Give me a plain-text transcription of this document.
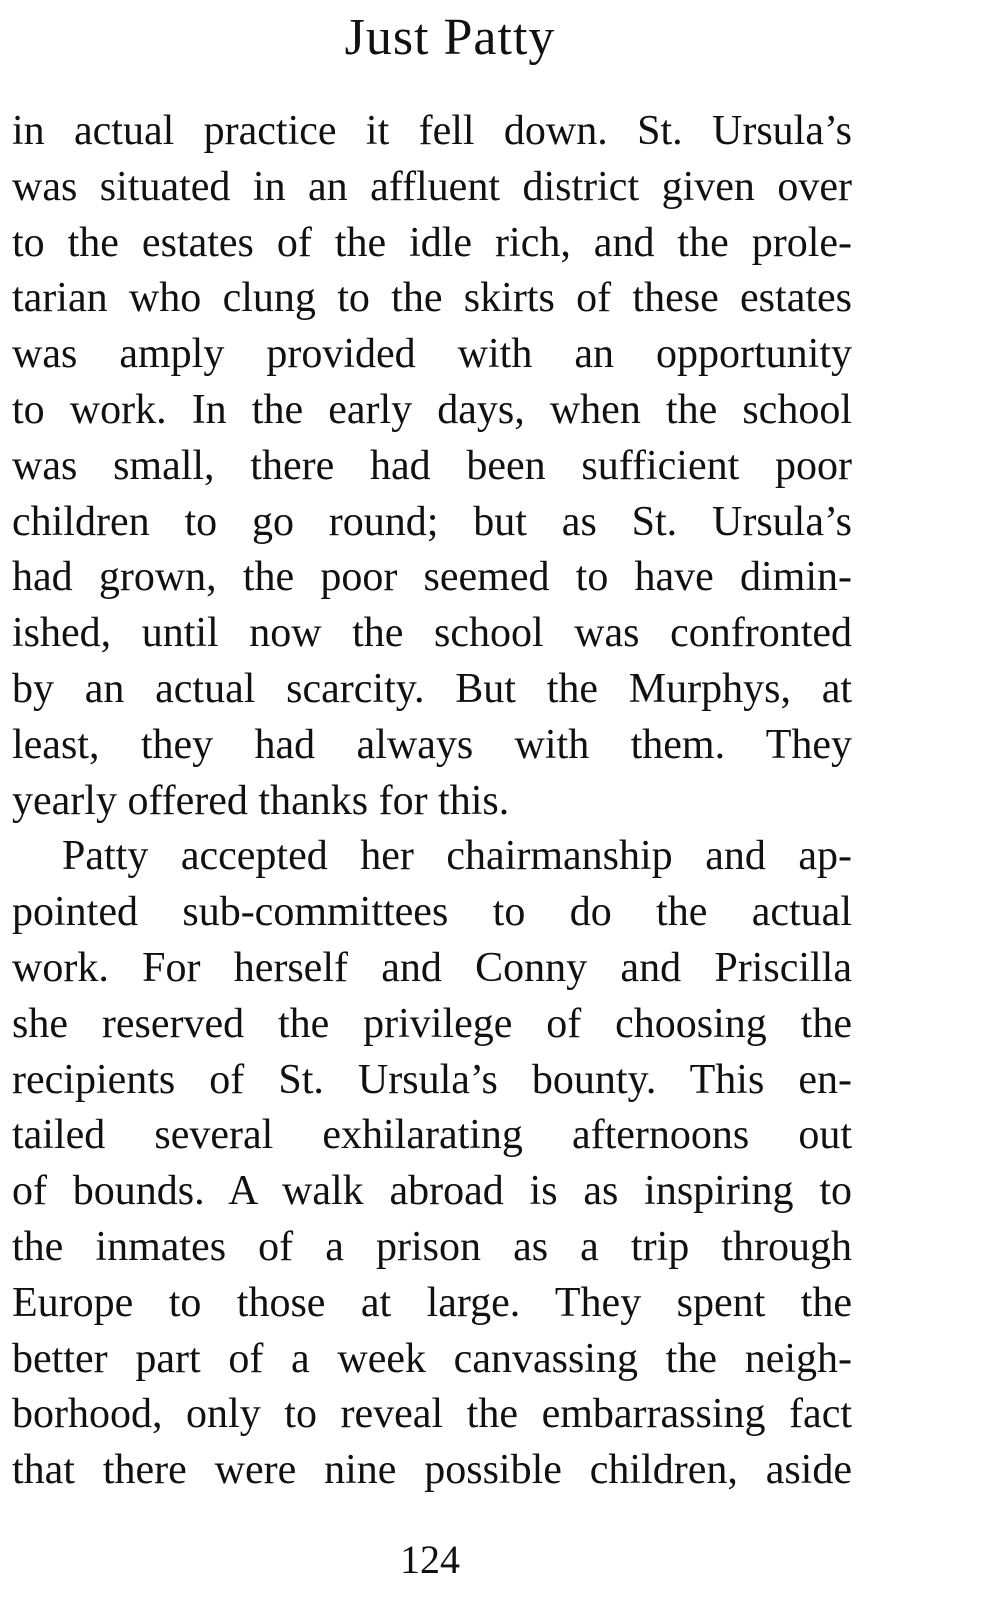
Just Patty
in actual practice it fell down. St. Ursula’s
was situated in an affluent district given over
to the estates of the idle rich, and the prole-
tarian who clung to the skirts of these estates
was amply provided with an opportunity
to work. In the early days, when the school
was small, there had been sufficient poor
children to go round; but as St. Ursula’s
had grown, the poor seemed to have dimin-
ished, until now the school was confronted
by an actual scarcity. But the Murphys, at
least, they had always with them. They
yearly offered thanks for this.
Patty accepted her chairmanship and ap-
pointed sub-committees to do the actual
work. For herself and Conny and Priscilla
she reserved the privilege of choosing the
recipients of St. Ursula’s bounty. This en-
tailed several exhilarating afternoons out
of bounds. A walk abroad is as inspiring to
the inmates of a prison as a trip through
Europe to those at large. They spent the
better part of a week canvassing the neigh-
borhood, only to reveal the embarrassing fact
that there were nine possible children, aside
124
